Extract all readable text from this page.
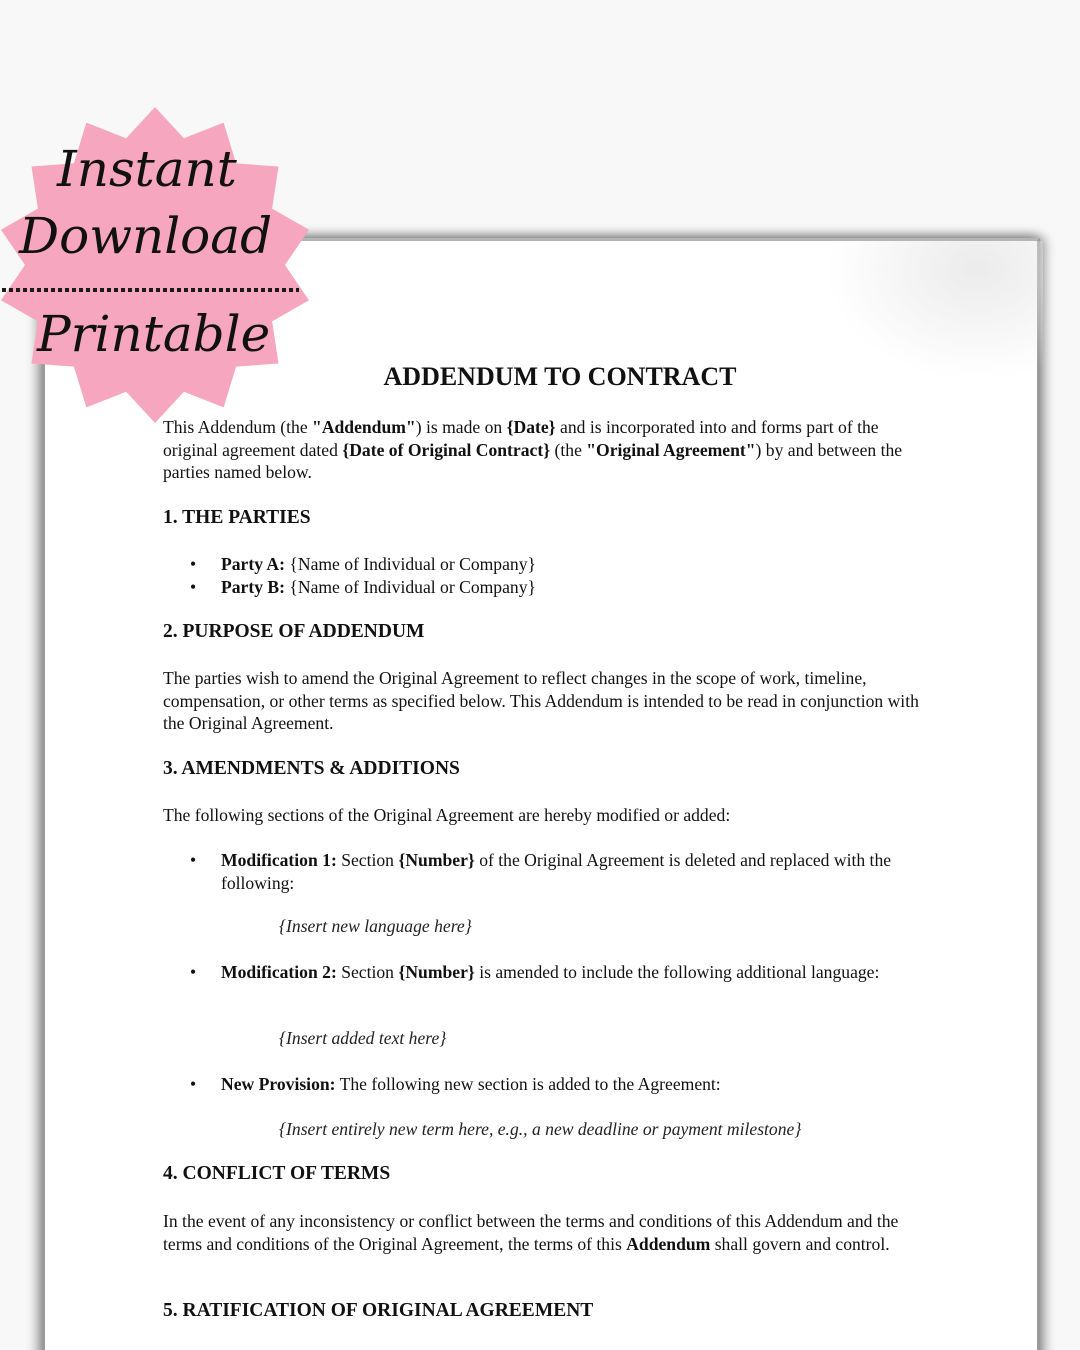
ADDENDUM TO CONTRACT
This Addendum (the "Addendum") is made on {Date} and is incorporated into and forms part of the original agreement dated {Date of Original Contract} (the "Original Agreement") by and between the parties named below.
1. THE PARTIES
• Party A: {Name of Individual or Company}
• Party B: {Name of Individual or Company}
2. PURPOSE OF ADDENDUM
The parties wish to amend the Original Agreement to reflect changes in the scope of work, timeline, compensation, or other terms as specified below. This Addendum is intended to be read in conjunction with the Original Agreement.
3. AMENDMENTS & ADDITIONS
The following sections of the Original Agreement are hereby modified or added:
• Modification 1: Section {Number} of the Original Agreement is deleted and replaced with the following:
{Insert new language here}
• Modification 2: Section {Number} is amended to include the following additional language:
{Insert added text here}
• New Provision: The following new section is added to the Agreement:
{Insert entirely new term here, e.g., a new deadline or payment milestone}
4. CONFLICT OF TERMS
In the event of any inconsistency or conflict between the terms and conditions of this Addendum and the terms and conditions of the Original Agreement, the terms of this Addendum shall govern and control.
5. RATIFICATION OF ORIGINAL AGREEMENT
Instant
Download
Printable
